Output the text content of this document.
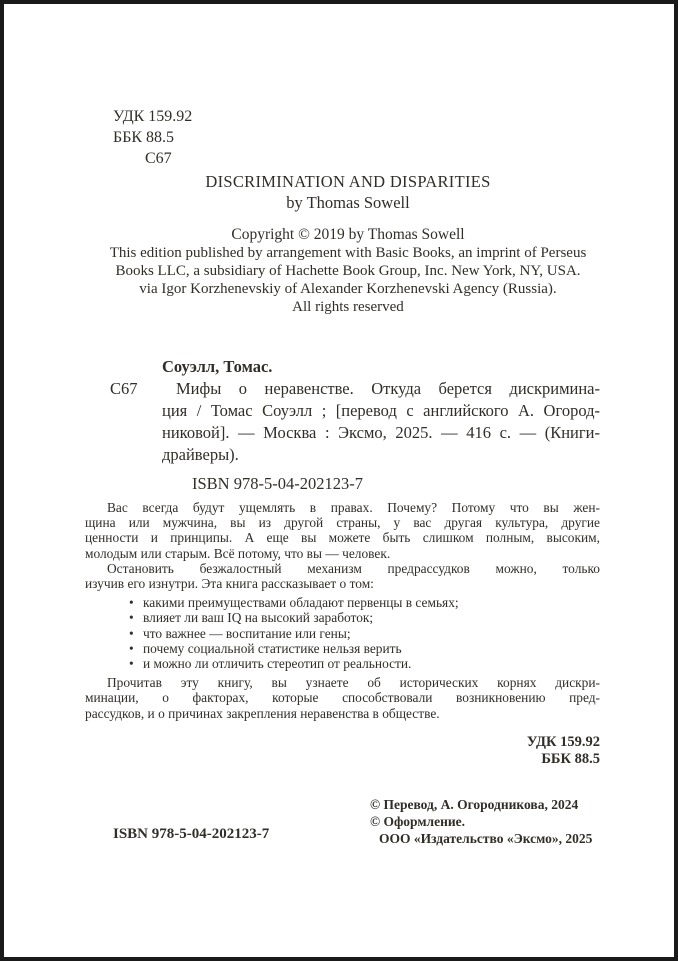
УДК 159.92
ББК 88.5
С67
DISCRIMINATION AND DISPARITIES
by Thomas Sowell
Copyright © 2019 by Thomas Sowell
This edition published by arrangement with Basic Books, an imprint of Perseus
Books LLC, a subsidiary of Hachette Book Group, Inc. New York, NY, USA.
via Igor Korzhenevskiy of Alexander Korzhenevski Agency (Russia).
All rights reserved
Соуэлл, Томас.
С67	Мифы о неравенстве. Откуда берется дискримина-
ция / Томас Соуэлл ; [перевод с английского А. Огород-
никовой]. — Москва : Эксмо, 2025. — 416 с. — (Книги-
драйверы).
ISBN 978-5-04-202123-7
Вас всегда будут ущемлять в правах. Почему? Потому что вы жен-
щина или мужчина, вы из другой страны, у вас другая культура, другие
ценности и принципы. А еще вы можете быть слишком полным, высоким,
молодым или старым. Всё потому, что вы — человек.
Остановить безжалостный механизм предрассудков можно, только
изучив его изнутри. Эта книга рассказывает о том:
• какими преимуществами обладают первенцы в семьях;
• влияет ли ваш IQ на высокий заработок;
• что важнее — воспитание или гены;
• почему социальной статистике нельзя верить
• и можно ли отличить стереотип от реальности.
Прочитав эту книгу, вы узнаете об исторических корнях дискри-
минации, о факторах, которые способствовали возникновению пред-
рассудков, и о причинах закрепления неравенства в обществе.
УДК 159.92
ББК 88.5
ISBN 978-5-04-202123-7
© Перевод, А. Огородникова, 2024
© Оформление.
ООО «Издательство «Эксмо», 2025
